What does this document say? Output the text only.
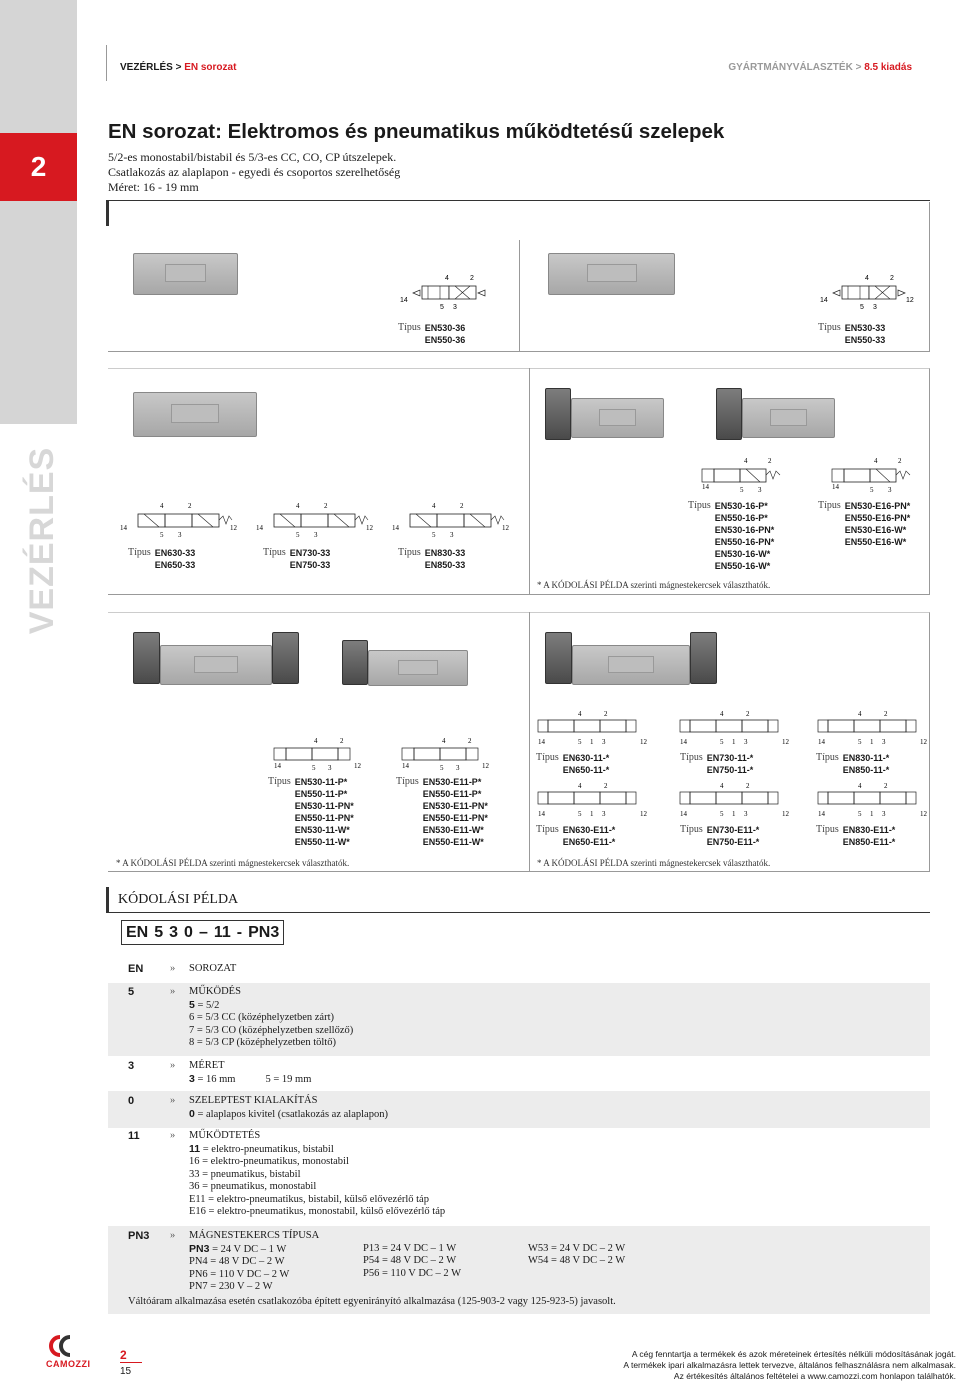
2
VEZÉRLÉS
VEZÉRLÉS > EN sorozat	GYÁRTMÁNYVÁLASZTÉK > 8.5 kiadás
EN sorozat: Elektromos és pneumatikus működtetésű szelepek
5/2-es monostabil/bistabil és 5/3-es CC, CO, CP útszelepek.
Csatlakozás az alaplapon - egyedi és csoportos szerelhetőség
Méret: 16 - 19 mm
4	2
14
5 3
4	2
14	12
5 3
Típus EN530-36
EN550-36
Típus EN530-33
EN550-33
4	2
14	12
5 3
4	2
14	12
5 3
4	2
14	12
5 3
4	2
14	5 3
4	2
14	5 3
Típus EN630-33
EN650-33
Típus EN730-33
EN750-33
Típus EN830-33
EN850-33
Típus EN530-16-P*
EN550-16-P*
EN530-16-PN*
EN550-16-PN*
EN530-16-W*
EN550-16-W*
Típus EN530-E16-PN*
EN550-E16-PN*
EN530-E16-W*
EN550-E16-W*
* A KÓDOLÁSI PÉLDA szerinti mágnestekercsek választhatók.
4	2
14	12
5 3
4	2
14	12
5 3
4	2
14	12
5 1 3
4	2
14	12
5 1 3
4	2
14	12
5 1 3
4	2
14	12
5 1 3
4	2
14	12
5 1 3
4	2
14	12
5 1 3
Típus EN530-11-P*
EN550-11-P*
EN530-11-PN*
EN550-11-PN*
EN530-11-W*
EN550-11-W*
Típus EN530-E11-P*
EN550-E11-P*
EN530-E11-PN*
EN550-E11-PN*
EN530-E11-W*
EN550-E11-W*
Típus EN630-11-*
EN650-11-*
Típus EN730-11-*
EN750-11-*
Típus EN830-11-*
EN850-11-*
Típus EN630-E11-*
EN650-E11-*
Típus EN730-E11-*
EN750-E11-*
Típus EN830-E11-*
EN850-E11-*
* A KÓDOLÁSI PÉLDA szerinti mágnestekercsek választhatók.	* A KÓDOLÁSI PÉLDA szerinti mágnestekercsek választhatók.
KÓDOLÁSI PÉLDA
EN 5 3 0 – 11 - PN3
EN	» SOROZAT
5	» MŰKÖDÉS
5 = 5/2
6 = 5/3 CC (középhelyzetben zárt)
7 = 5/3 CO (középhelyzetben szellőző)
8 = 5/3 CP (középhelyzetben töltő)
3	» MÉRET
3 = 16 mm	5 = 19 mm
0	» SZELEPTEST KIALAKÍTÁS
0 = alaplapos kivitel (csatlakozás az alaplapon)
11	» MŰKÖDTETÉS
11 = elektro-pneumatikus, bistabil
16 = elektro-pneumatikus, monostabil
33 = pneumatikus, bistabil
36 = pneumatikus, monostabil
E11 = elektro-pneumatikus, bistabil, külső elővezérlő táp
E16 = elektro-pneumatikus, monostabil, külső elővezérlő táp
PN3 » MÁGNESTEKERCS TÍPUSA
PN3 = 24 V DC – 1 W
PN4 = 48 V DC – 2 W
PN6 = 110 V DC – 2 W
PN7 = 230 V – 2 W
P13 = 24 V DC – 1 W
P54 = 48 V DC – 2 W
P56 = 110 V DC – 2 W
W53 = 24 V DC – 2 W
W54 = 48 V DC – 2 W
Váltóáram alkalmazása esetén csatlakozóba épített egyenirányító alkalmazása (125-903-2 vagy 125-923-5) javasolt.
CAMOZZI
2
15
A cég fenntartja a termékek és azok méreteinek értesítés nélküli módosításának jogát.
A termékek ipari alkalmazásra lettek tervezve, általános felhasználásra nem alkalmasak.
Az értékesítés általános feltételei a www.camozzi.com honlapon találhatók.
